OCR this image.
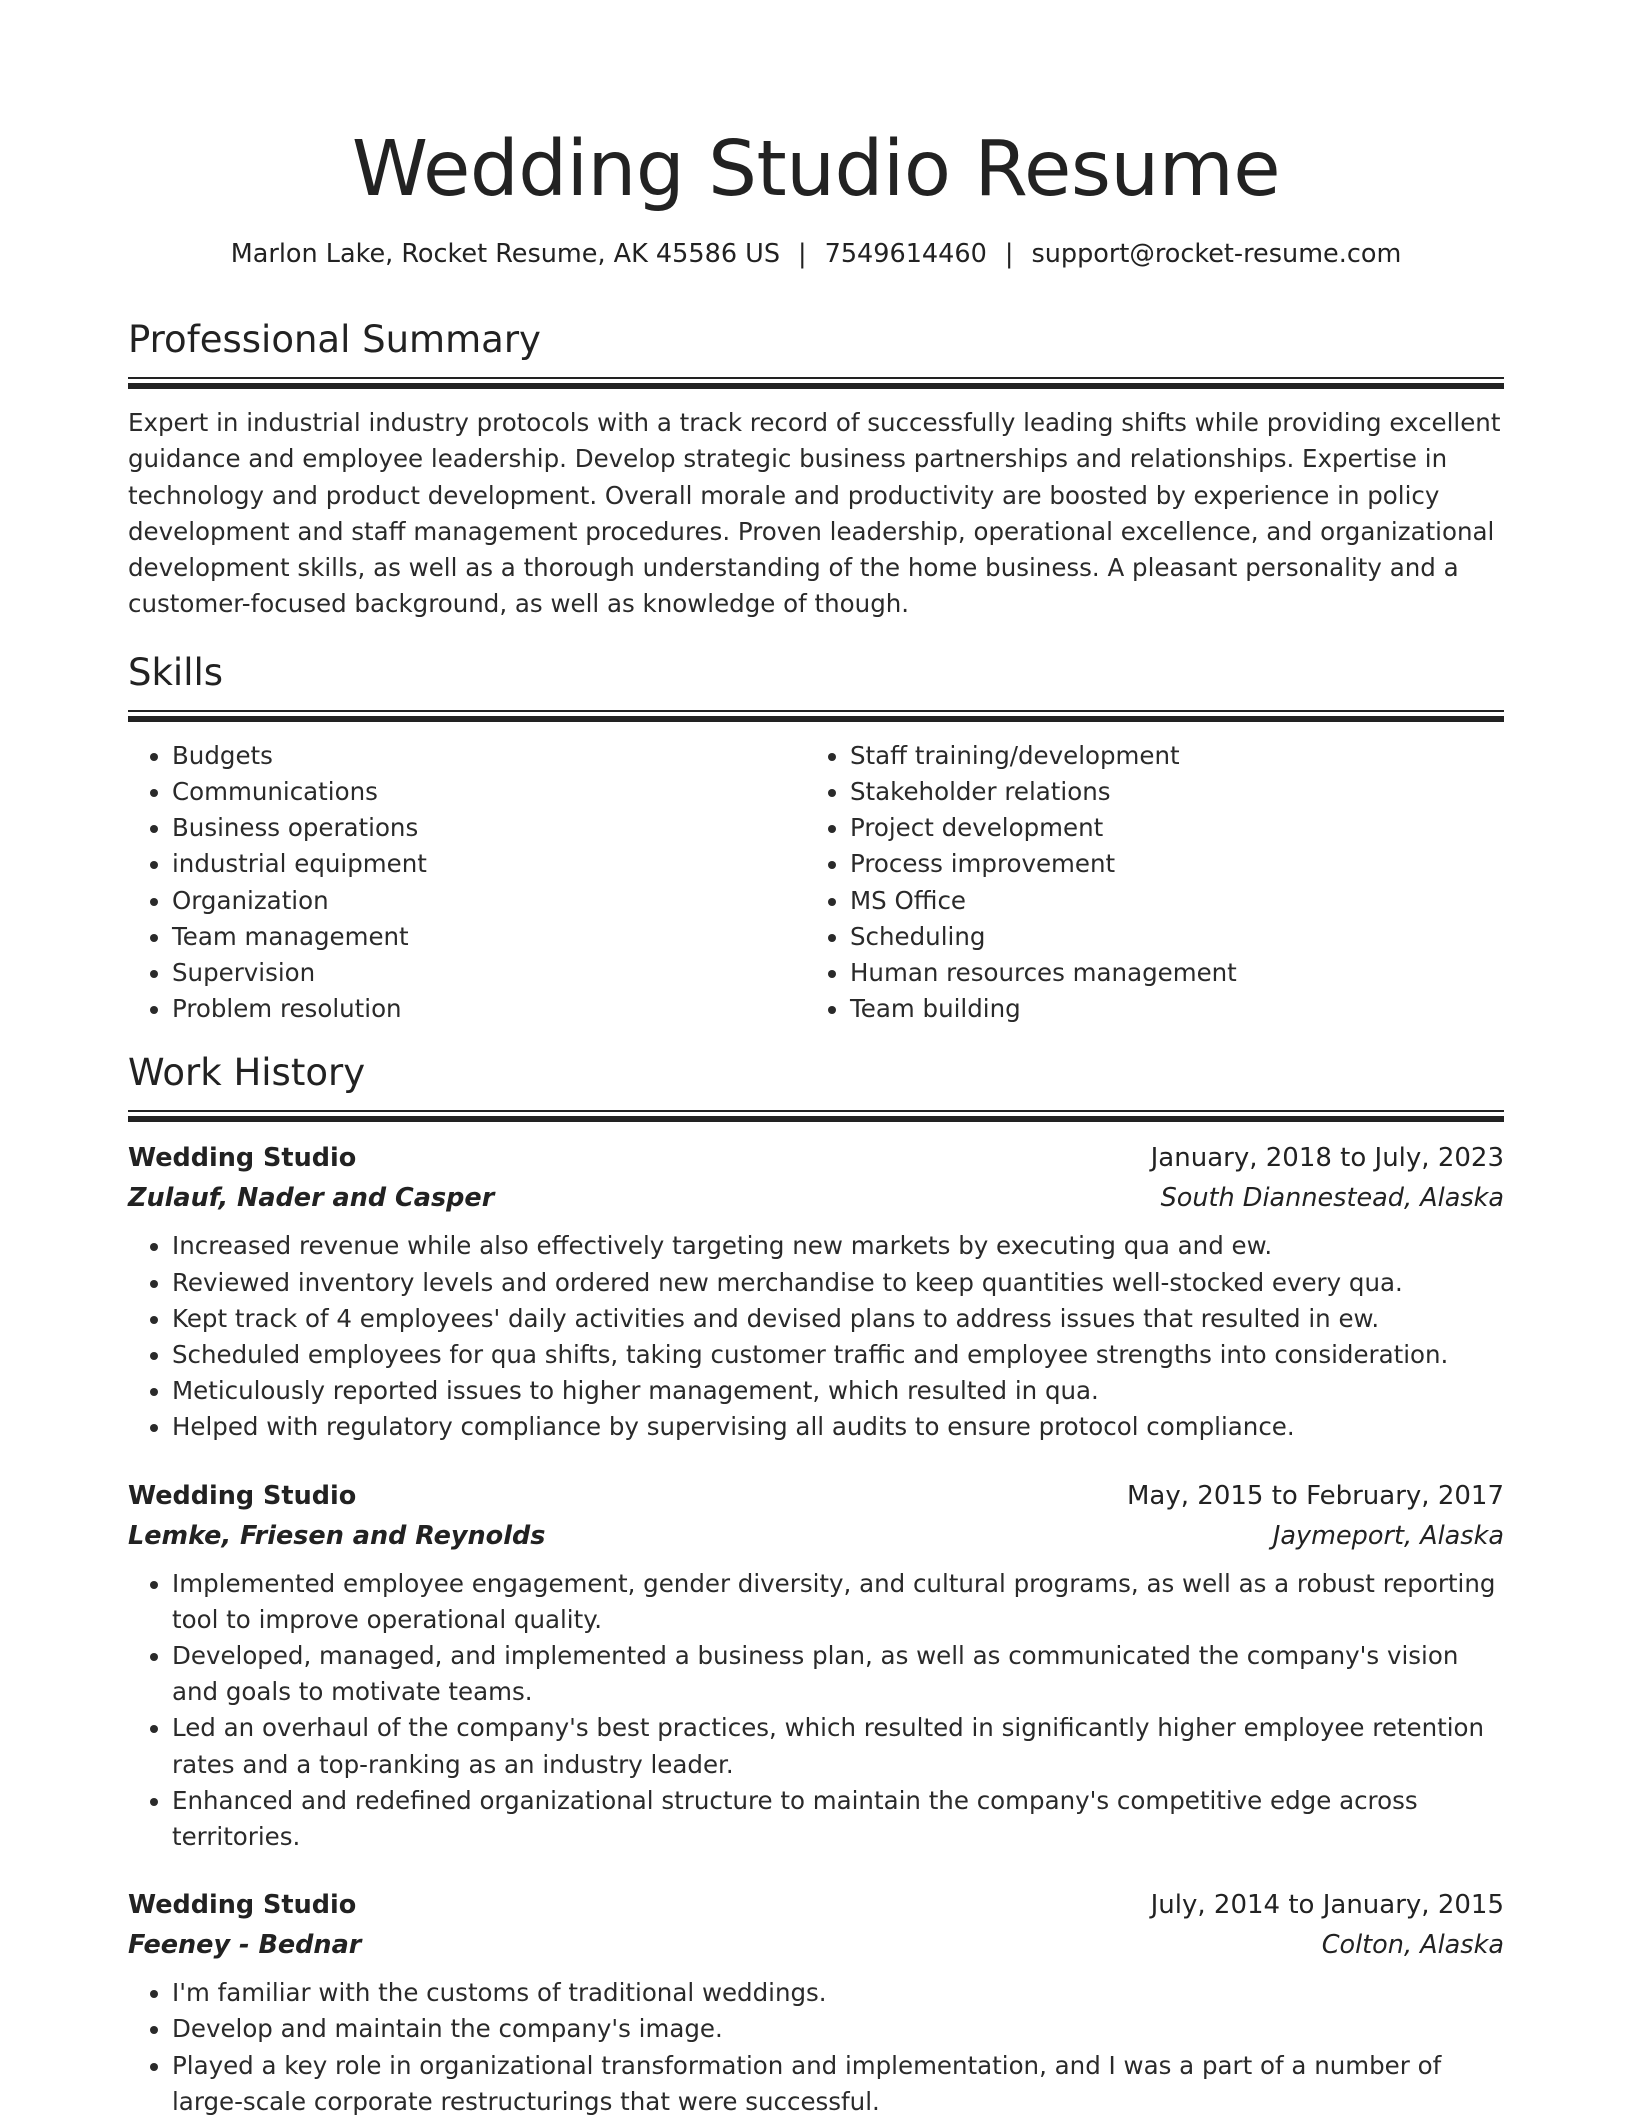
Wedding Studio Resume
Marlon Lake, Rocket Resume, AK 45586 US | 7549614460 | support@rocket-resume.com
Professional Summary

Expert in industrial industry protocols with a track record of successfully leading shifts while providing excellent guidance and employee leadership. Develop strategic business partnerships and relationships. Expertise in technology and product development. Overall morale and productivity are boosted by experience in policy development and staff management procedures. Proven leadership, operational excellence, and organizational development skills, as well as a thorough understanding of the home business. A pleasant personality and a customer-focused background, as well as knowledge of though.

Skills
• Budgets
• Communications
• Business operations
• industrial equipment
• Organization
• Team management
• Supervision
• Problem resolution
• Staff training/development
• Stakeholder relations
• Project development
• Process improvement
• MS Office
• Scheduling
• Human resources management
• Team building
Work History
Wedding Studio	January, 2018 to July, 2023
Zulauf, Nader and Casper	South Diannestead, Alaska
• Increased revenue while also effectively targeting new markets by executing qua and ew.
• Reviewed inventory levels and ordered new merchandise to keep quantities well-stocked every qua.
• Kept track of 4 employees' daily activities and devised plans to address issues that resulted in ew.
• Scheduled employees for qua shifts, taking customer traffic and employee strengths into consideration.
• Meticulously reported issues to higher management, which resulted in qua.
• Helped with regulatory compliance by supervising all audits to ensure protocol compliance.
Wedding Studio	May, 2015 to February, 2017
Lemke, Friesen and Reynolds	Jaymeport, Alaska
• Implemented employee engagement, gender diversity, and cultural programs, as well as a robust reporting tool to improve operational quality.
• Developed, managed, and implemented a business plan, as well as communicated the company's vision and goals to motivate teams.
• Led an overhaul of the company's best practices, which resulted in significantly higher employee retention rates and a top-ranking as an industry leader.
• Enhanced and redefined organizational structure to maintain the company's competitive edge across territories.
Wedding Studio	July, 2014 to January, 2015
Feeney - Bednar	Colton, Alaska
• I'm familiar with the customs of traditional weddings.
• Develop and maintain the company's image.
• Played a key role in organizational transformation and implementation, and I was a part of a number of large-scale corporate restructurings that were successful.
